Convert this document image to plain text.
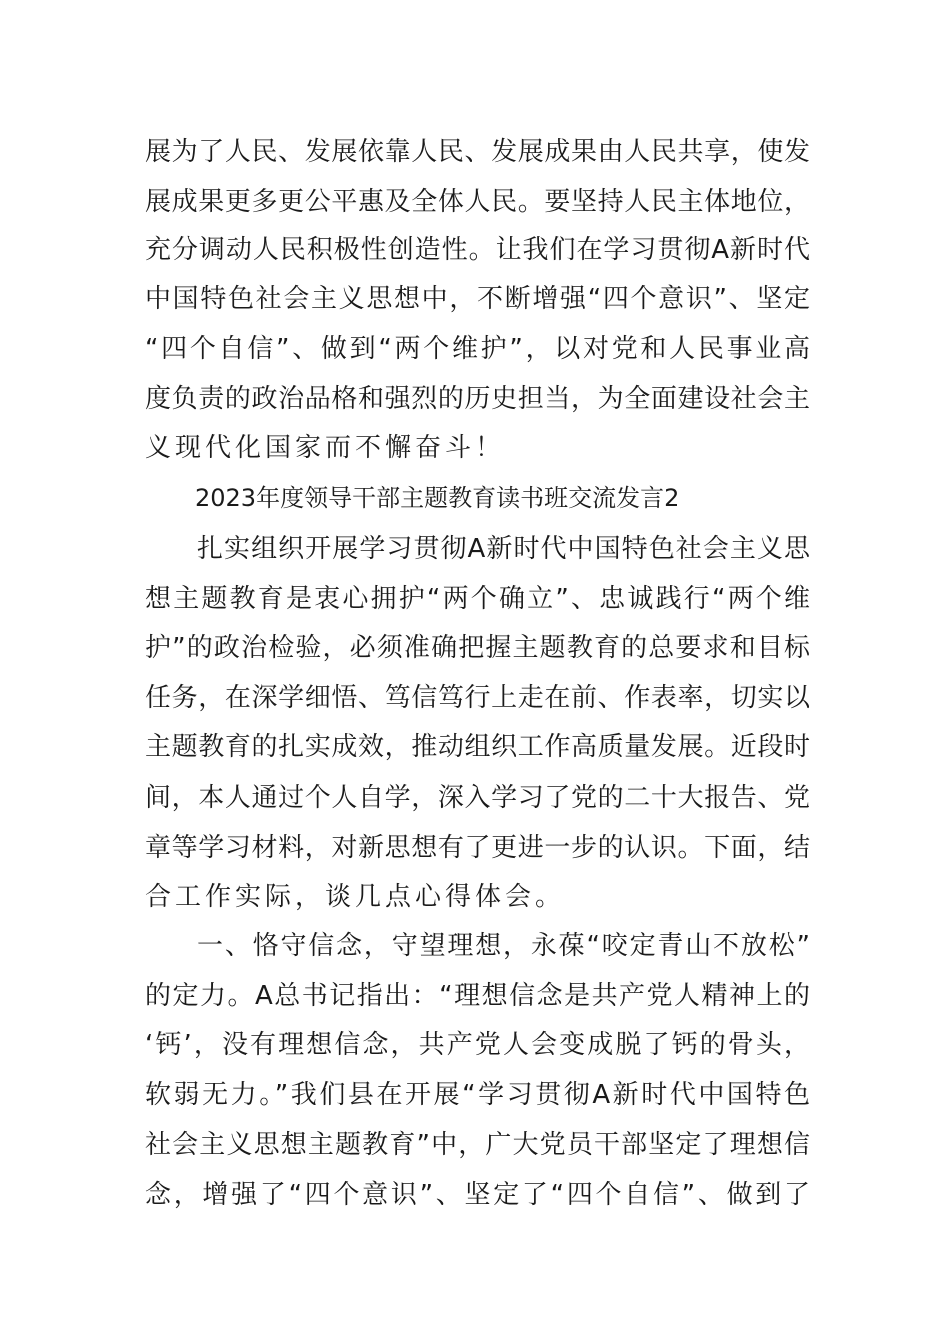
展为了人民、发展依靠人民、发展成果由人民共享，使发
展成果更多更公平惠及全体人民。要坚持人民主体地位，
充分调动人民积极性创造性。让我们在学习贯彻A新时代
中国特色社会主义思想中，不断增强“四个意识”、坚定
“四个自信”、做到“两个维护”，以对党和人民事业高
度负责的政治品格和强烈的历史担当，为全面建设社会主
义现代化国家而不懈奋斗！
2023年度领导干部主题教育读书班交流发言2
扎实组织开展学习贯彻A新时代中国特色社会主义思
想主题教育是衷心拥护“两个确立”、忠诚践行“两个维
护”的政治检验，必须准确把握主题教育的总要求和目标
任务，在深学细悟、笃信笃行上走在前、作表率，切实以
主题教育的扎实成效，推动组织工作高质量发展。近段时
间，本人通过个人自学，深入学习了党的二十大报告、党
章等学习材料，对新思想有了更进一步的认识。下面，结
合工作实际，谈几点心得体会。
一、恪守信念，守望理想，永葆“咬定青山不放松”
的定力。A总书记指出：“理想信念是共产党人精神上的
‘钙’，没有理想信念，共产党人会变成脱了钙的骨头，
软弱无力。”我们县在开展“学习贯彻A新时代中国特色
社会主义思想主题教育”中，广大党员干部坚定了理想信
念，增强了“四个意识”、坚定了“四个自信”、做到了
